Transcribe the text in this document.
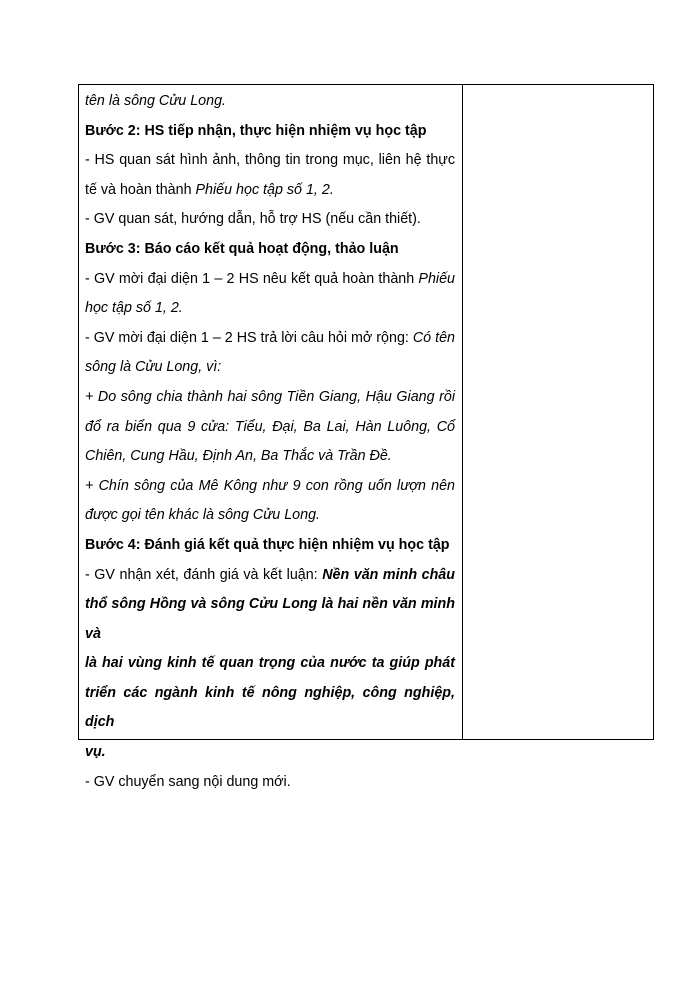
tên là sông Cửu Long.

Bước 2: HS tiếp nhận, thực hiện nhiệm vụ học tập

- HS quan sát hình ảnh, thông tin trong mục, liên hệ thực

tế và hoàn thành Phiếu học tập số 1, 2.

- GV quan sát, hướng dẫn, hỗ trợ HS (nếu cần thiết).

Bước 3: Báo cáo kết quả hoạt động, thảo luận

- GV mời đại diện 1 – 2 HS nêu kết quả hoàn thành Phiếu

học tập số 1, 2.

- GV mời đại diện 1 – 2 HS trả lời câu hỏi mở rộng: Có tên

sông là Cửu Long, vì:

+ Do sông chia thành hai sông Tiền Giang, Hậu Giang rồi

đổ ra biển qua 9 cửa: Tiểu, Đại, Ba Lai, Hàn Luông, Cổ

Chiên, Cung Hầu, Định An, Ba Thắc và Trần Đề.

+ Chín sông của Mê Kông như 9 con rồng uốn lượn nên

được gọi tên khác là sông Cửu Long.

Bước 4: Đánh giá kết quả thực hiện nhiệm vụ học tập

- GV nhận xét, đánh giá và kết luận: Nền văn minh châu

thổ sông Hồng và sông Cửu Long là hai nền văn minh và

là hai vùng kinh tế quan trọng của nước ta giúp phát

triển các ngành kinh tế nông nghiệp, công nghiệp, dịch

vụ.

- GV chuyển sang nội dung mới.
